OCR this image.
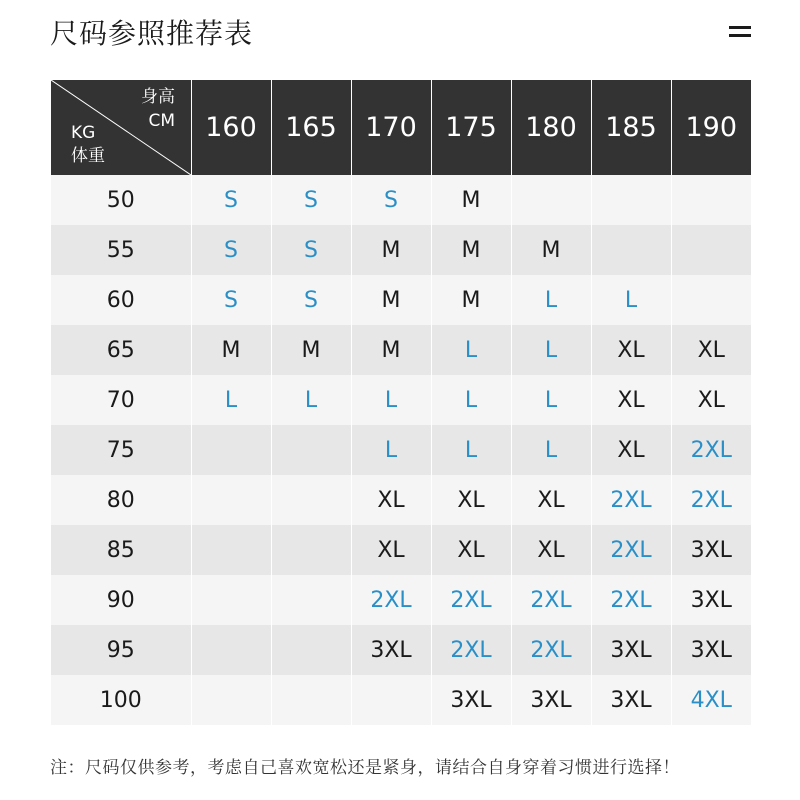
尺码参照推荐表
身高
CM
KG
体重	160	165	170	175	180	185	190
50	S	S	S	M			
55	S	S	M	M	M		
60	S	S	M	M	L	L	
65	M	M	M	L	L	XL	XL
70	L	L	L	L	L	XL	XL
75			L	L	L	XL	2XL
80			XL	XL	XL	2XL	2XL
85			XL	XL	XL	2XL	3XL
90			2XL	2XL	2XL	2XL	3XL
95			3XL	2XL	2XL	3XL	3XL
100				3XL	3XL	3XL	4XL
注：尺码仅供参考，考虑自己喜欢宽松还是紧身，请结合自身穿着习惯进行选择！
